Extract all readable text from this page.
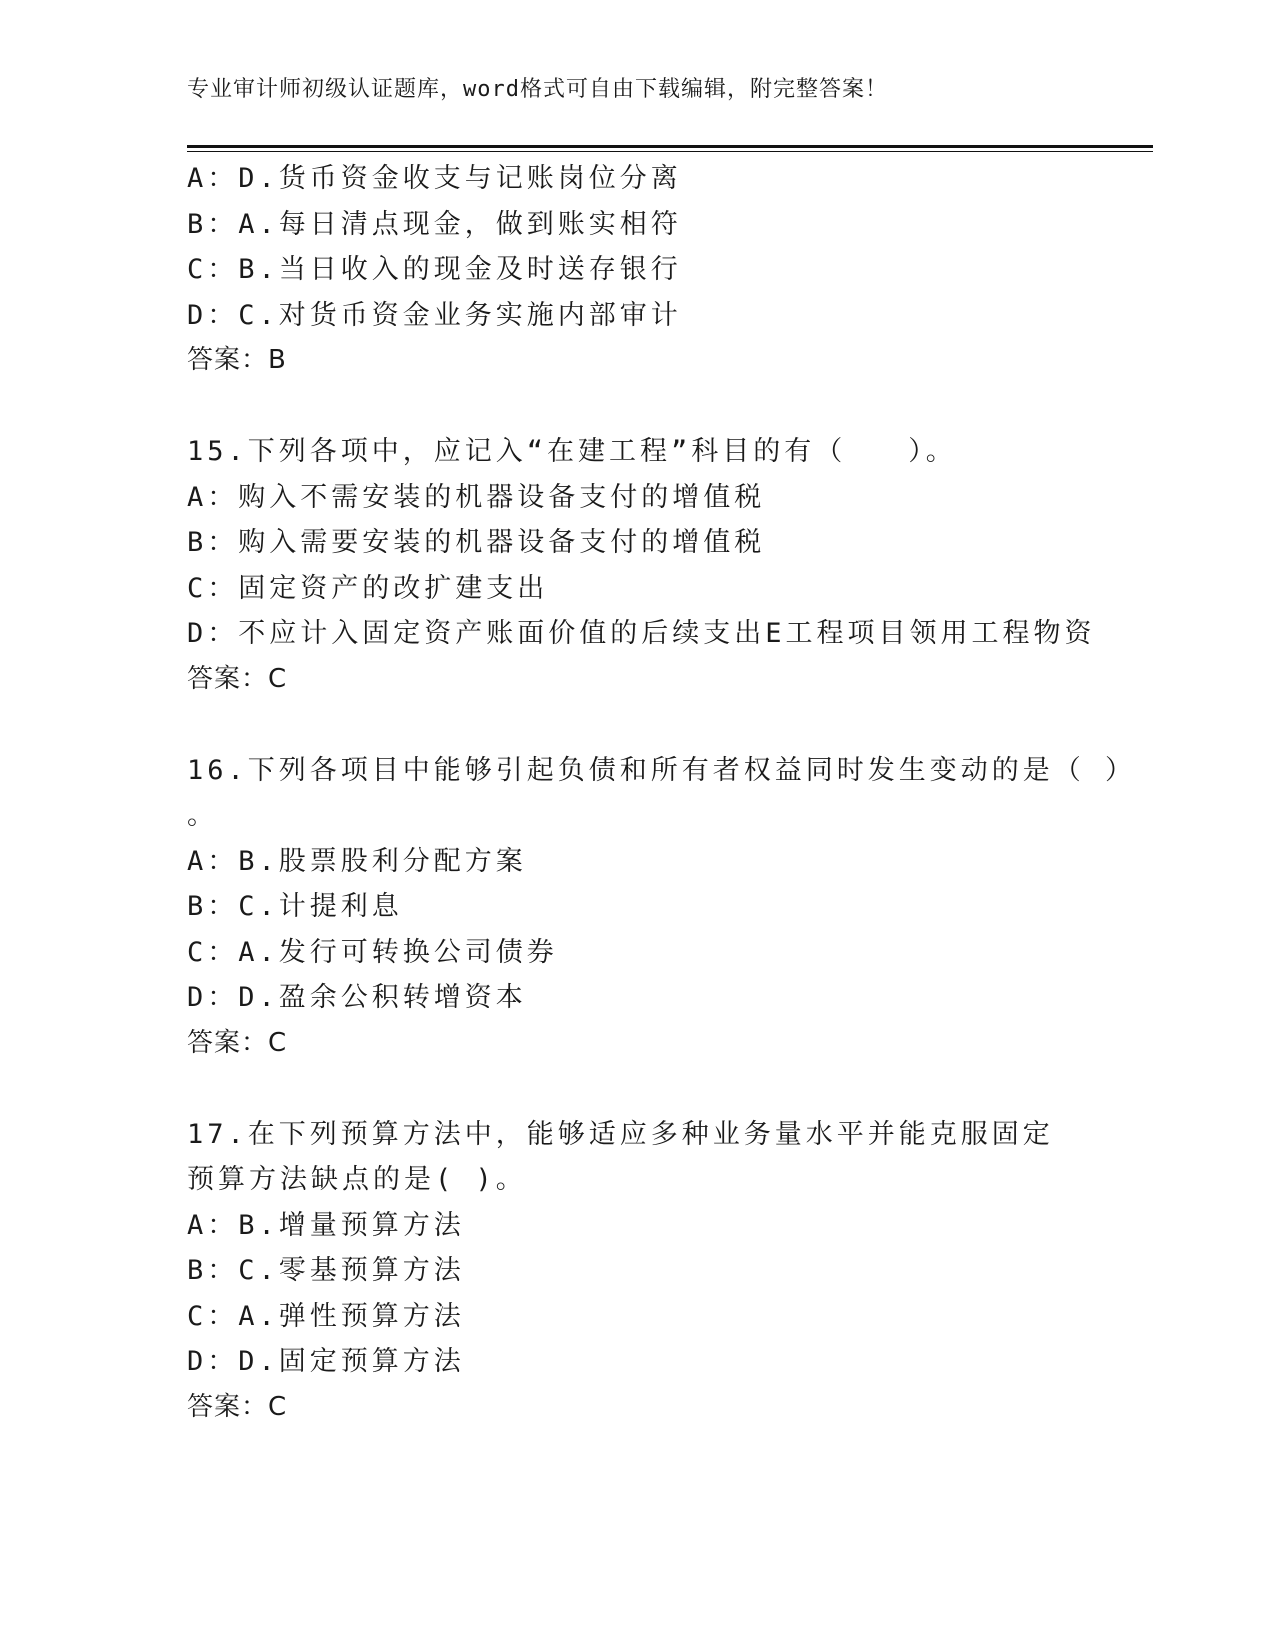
专业审计师初级认证题库，word格式可自由下载编辑，附完整答案！
A：D.货币资金收支与记账岗位分离
B：A.每日清点现金，做到账实相符
C：B.当日收入的现金及时送存银行
D：C.对货币资金业务实施内部审计
答案：B
15.下列各项中，应记入“在建工程”科目的有（　　）。
A：购入不需安装的机器设备支付的增值税
B：购入需要安装的机器设备支付的增值税
C：固定资产的改扩建支出
D：不应计入固定资产账面价值的后续支出E工程项目领用工程物资
答案：C
16.下列各项目中能够引起负债和所有者权益同时发生变动的是（ ）
。
A：B.股票股利分配方案
B：C.计提利息
C：A.发行可转换公司债券
D：D.盈余公积转增资本
答案：C
17.在下列预算方法中，能够适应多种业务量水平并能克服固定预算方法缺点的是( )。
A：B.增量预算方法
B：C.零基预算方法
C：A.弹性预算方法
D：D.固定预算方法
答案：C
